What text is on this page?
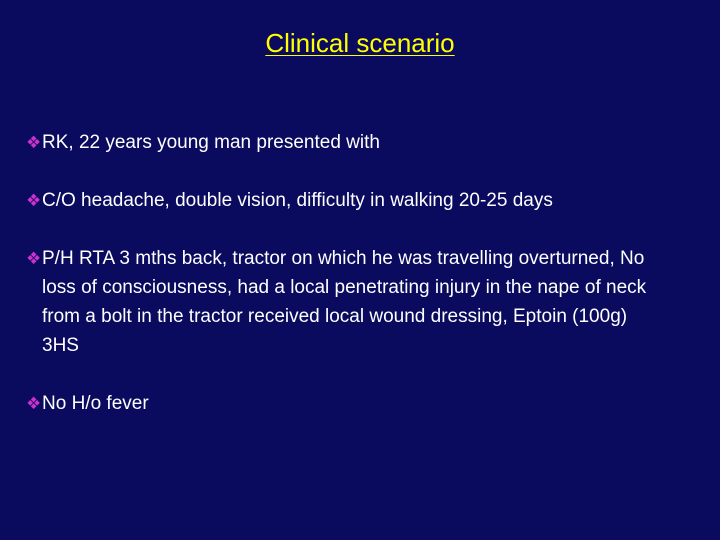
Clinical scenario
❖ RK, 22 years young man presented with
❖ C/O headache, double vision, difficulty in walking 20-25 days
❖ P/H RTA 3 mths back, tractor on which he was travelling overturned, No loss of consciousness, had a local penetrating injury in the nape of neck from a bolt in the tractor received local wound dressing, Eptoin (100g) 3HS
❖ No H/o fever
